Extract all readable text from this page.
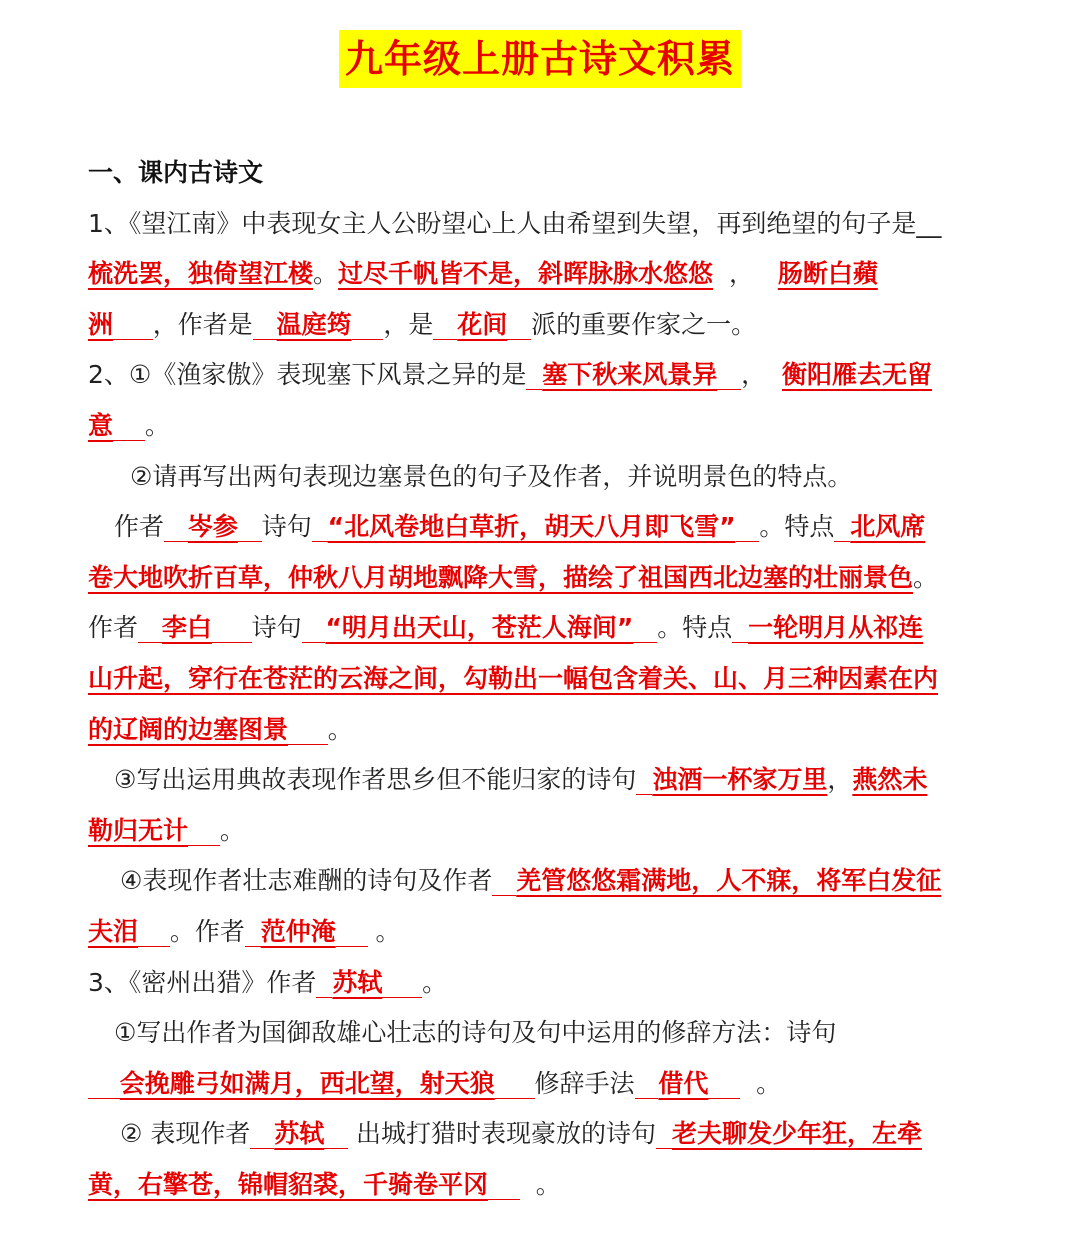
九年级上册古诗文积累
一、课内古诗文
1、《望江南》中表现女主人公盼望心上人由希望到失望，再到绝望的句子是__
梳洗罢，独倚望江楼。过尽千帆皆不是，斜晖脉脉水悠悠 ， 肠断白蘋
洲 ，作者是 温庭筠 ，是 花间 派的重要作家之一。
2、①《渔家傲》表现塞下风景之异的是 塞下秋来风景异 ， 衡阳雁去无留
意 。
②请再写出两句表现边塞景色的句子及作者，并说明景色的特点。
作者 岑参 诗句 “北风卷地白草折，胡天八月即飞雪” 。特点 北风席
卷大地吹折百草，仲秋八月胡地飘降大雪，描绘了祖国西北边塞的壮丽景色。
作者 李白 诗句 “明月出天山，苍茫人海间” 。特点 一轮明月从祁连
山升起，穿行在苍茫的云海之间，勾勒出一幅包含着关、山、月三种因素在内
的辽阔的边塞图景 。
③写出运用典故表现作者思乡但不能归家的诗句 浊酒一杯家万里，燕然未
勒归无计 。
④表现作者壮志难酬的诗句及作者 羌管悠悠霜满地，人不寐，将军白发征
夫泪 。作者 范仲淹 。
3、《密州出猎》作者 苏轼 。
①写出作者为国御敌雄心壮志的诗句及句中运用的修辞方法：诗句
会挽雕弓如满月，西北望，射天狼 修辞手法 借代 。
② 表现作者 苏轼 出城打猎时表现豪放的诗句 老夫聊发少年狂，左牵
黄，右擎苍，锦帽貂裘，千骑卷平冈 。
